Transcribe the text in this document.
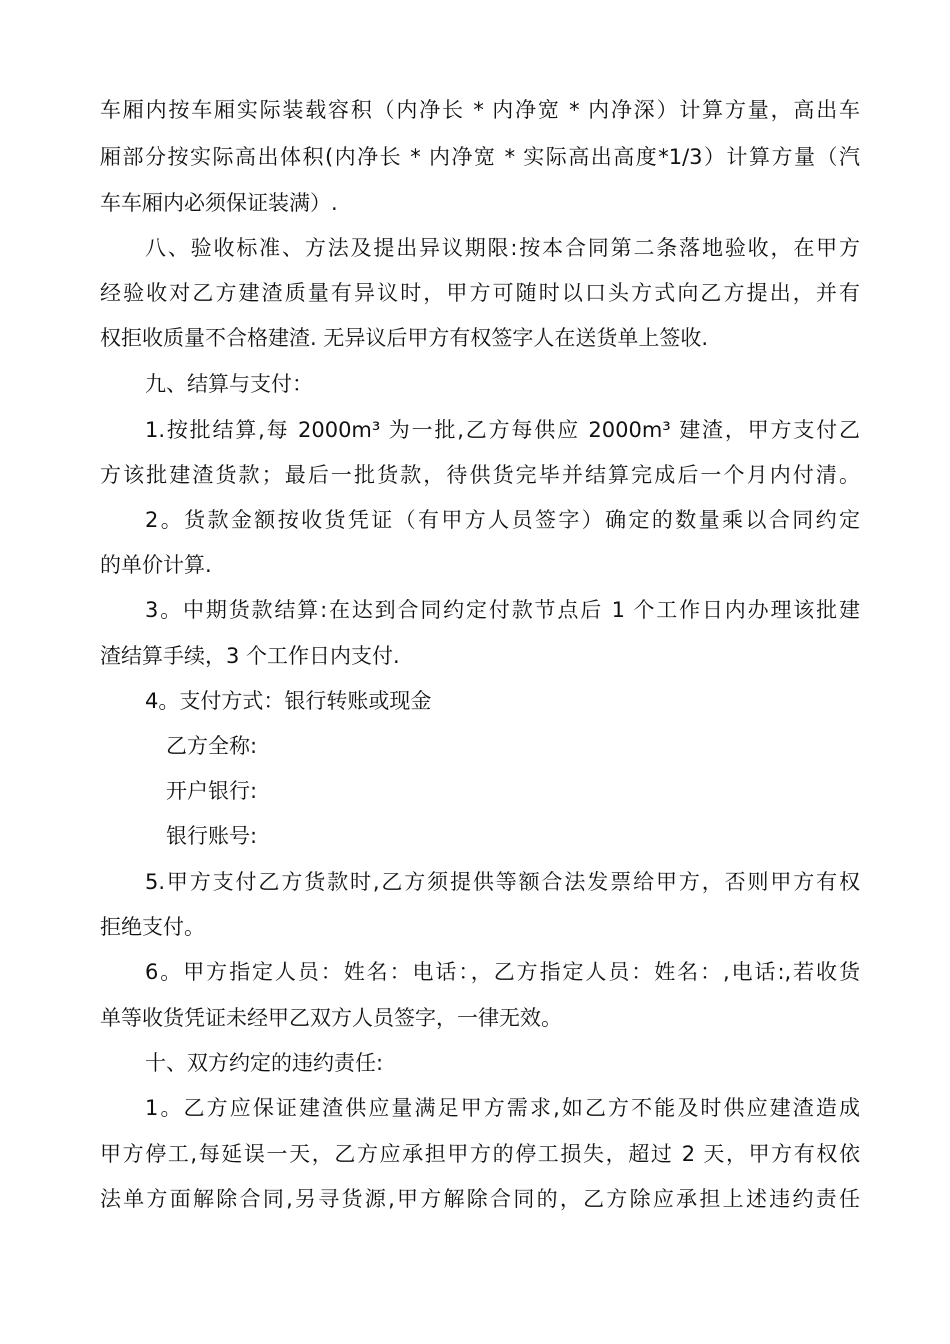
车厢内按车厢实际装载容积（内净长 * 内净宽 * 内净深）计算方量，高出车
厢部分按实际高出体积(内净长 * 内净宽 * 实际高出高度*1/3）计算方量（汽
车车厢内必须保证装满）.
八、验收标准、方法及提出异议期限:按本合同第二条落地验收，在甲方
经验收对乙方建渣质量有异议时，甲方可随时以口头方式向乙方提出，并有
权拒收质量不合格建渣. 无异议后甲方有权签字人在送货单上签收.
九、结算与支付：
1.按批结算,每 2000m³ 为一批,乙方每供应 2000m³ 建渣，甲方支付乙
方该批建渣货款；最后一批货款，待供货完毕并结算完成后一个月内付清。
2。货款金额按收货凭证（有甲方人员签字）确定的数量乘以合同约定
的单价计算.
3。中期货款结算:在达到合同约定付款节点后 1 个工作日内办理该批建
渣结算手续，3 个工作日内支付.
4。支付方式：银行转账或现金
乙方全称:
开户银行:
银行账号:
5.甲方支付乙方货款时,乙方须提供等额合法发票给甲方，否则甲方有权
拒绝支付。
6。甲方指定人员：姓名：电话：，乙方指定人员：姓名：,电话:,若收货
单等收货凭证未经甲乙双方人员签字，一律无效。
十、双方约定的违约责任:
1。乙方应保证建渣供应量满足甲方需求,如乙方不能及时供应建渣造成
甲方停工,每延误一天，乙方应承担甲方的停工损失，超过 2 天，甲方有权依
法单方面解除合同,另寻货源,甲方解除合同的，乙方除应承担上述违约责任
